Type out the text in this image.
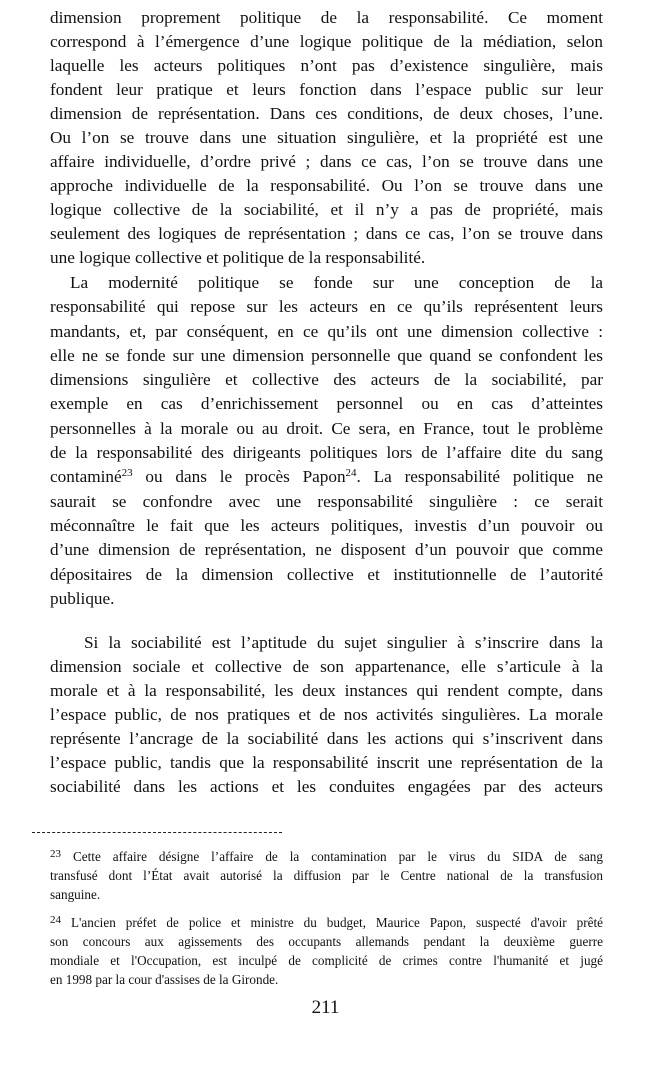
dimension proprement politique de la responsabilité. Ce moment
correspond à l’émergence d’une logique politique de la médiation, selon
laquelle les acteurs politiques n’ont pas d’existence singulière, mais
fondent leur pratique et leurs fonction dans l’espace public sur leur
dimension de représentation. Dans ces conditions, de deux choses, l’une.
Ou l’on se trouve dans une situation singulière, et la propriété est une
affaire individuelle, d’ordre privé ; dans ce cas, l’on se trouve dans une
approche individuelle de la responsabilité. Ou l’on se trouve dans une
logique collective de la sociabilité, et il n’y a pas de propriété, mais
seulement des logiques de représentation ; dans ce cas, l’on se trouve dans
une logique collective et politique de la responsabilité.
La modernité politique se fonde sur une conception de la
responsabilité qui repose sur les acteurs en ce qu’ils représentent leurs
mandants, et, par conséquent, en ce qu’ils ont une dimension collective :
elle ne se fonde sur une dimension personnelle que quand se confondent les
dimensions singulière et collective des acteurs de la sociabilité, par
exemple en cas d’enrichissement personnel ou en cas d’atteintes
personnelles à la morale ou au droit. Ce sera, en France, tout le problème
de la responsabilité des dirigeants politiques lors de l’affaire dite du sang
contaminé$^{23}$ ou dans le procès Papon$^{24}$. La responsabilité politique ne
saurait se confondre avec une responsabilité singulière : ce serait
méconnaître le fait que les acteurs politiques, investis d’un pouvoir ou
d’une dimension de représentation, ne disposent d’un pouvoir que comme
dépositaires de la dimension collective et institutionnelle de l’autorité
publique.
Si la sociabilité est l’aptitude du sujet singulier à s’inscrire dans la
dimension sociale et collective de son appartenance, elle s’articule à la
morale et à la responsabilité, les deux instances qui rendent compte, dans
l’espace public, de nos pratiques et de nos activités singulières. La morale
représente l’ancrage de la sociabilité dans les actions qui s’inscrivent dans
l’espace public, tandis que la responsabilité inscrit une représentation de la
sociabilité dans les actions et les conduites engagées par des acteurs
$^{23}$ Cette affaire désigne l’affaire de la contamination par le virus du SIDA de sang
transfusé dont l’État avait autorisé la diffusion par le Centre national de la transfusion
sanguine.
$^{24}$ L'ancien préfet de police et ministre du budget, Maurice Papon, suspecté d'avoir prêté
son concours aux agissements des occupants allemands pendant la deuxième guerre
mondiale et l'Occupation, est inculpé de complicité de crimes contre l'humanité et jugé
en 1998 par la cour d'assises de la Gironde.
211
